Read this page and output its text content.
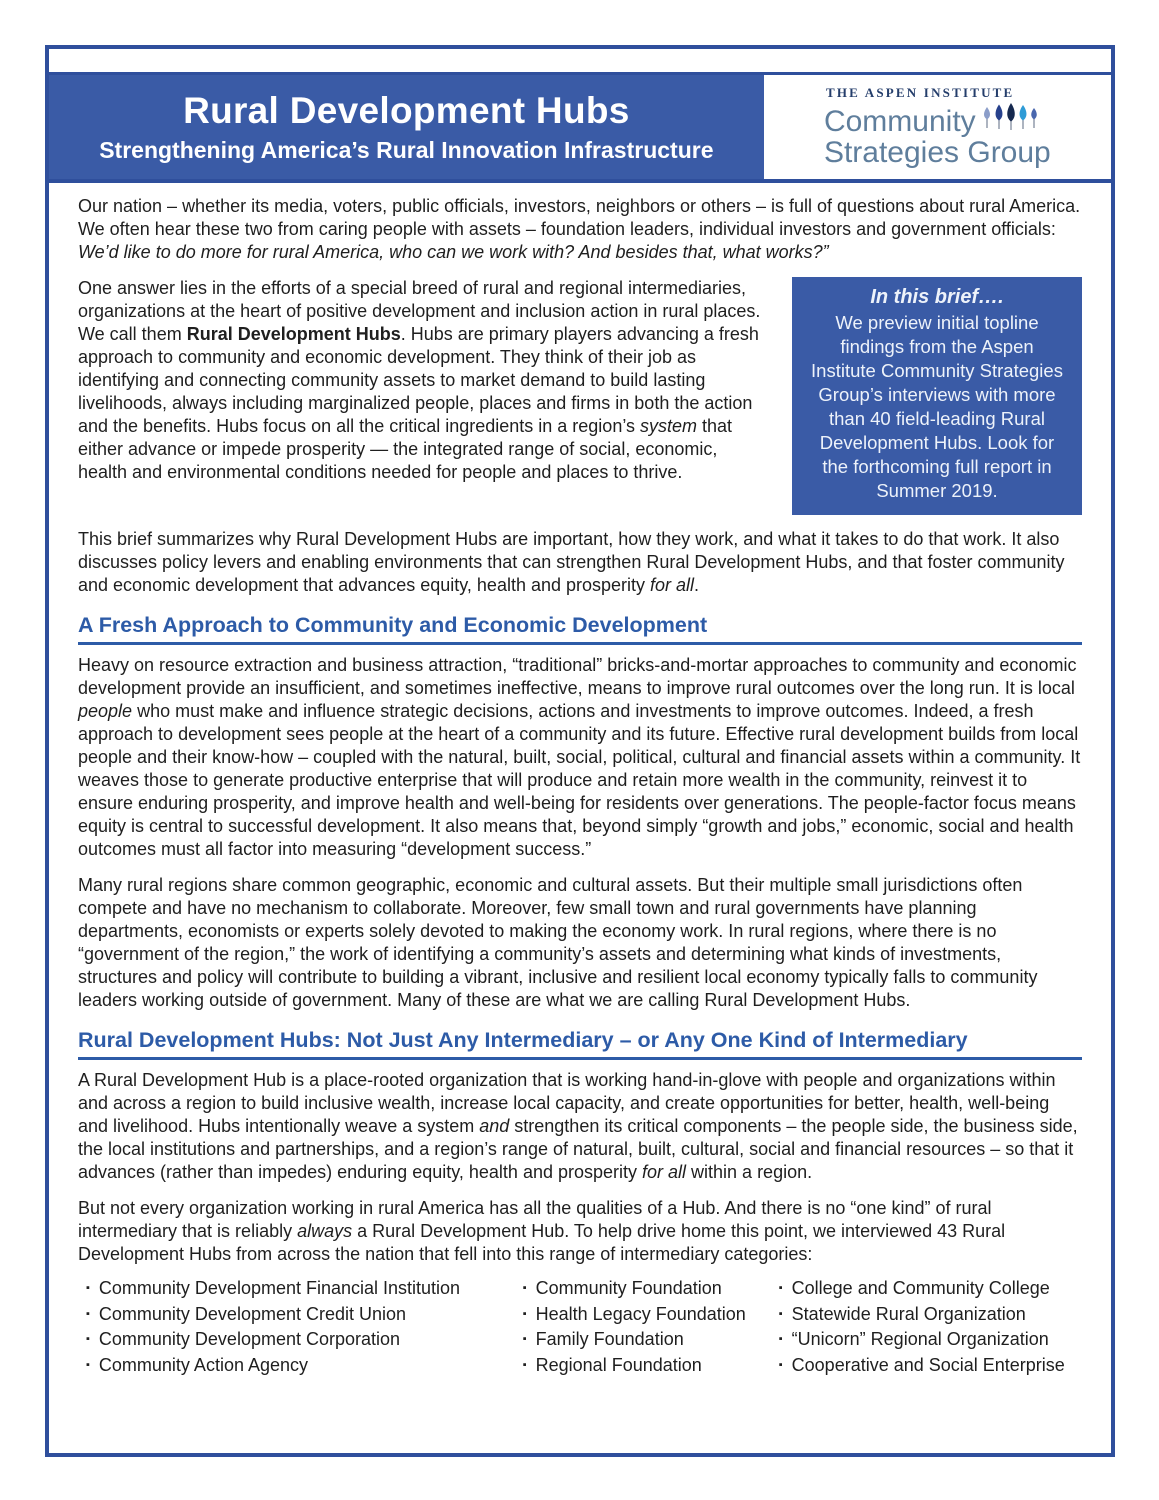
Rural Development Hubs
Strengthening America’s Rural Innovation Infrastructure
THE ASPEN INSTITUTE
Community
Strategies Group

Our nation – whether its media, voters, public officials, investors, neighbors or others – is full of questions about rural America. We often hear these two from caring people with assets – foundation leaders, individual investors and government officials: We’d like to do more for rural America, who can we work with? And besides that, what works?”

One answer lies in the efforts of a special breed of rural and regional intermediaries, organizations at the heart of positive development and inclusion action in rural places. We call them Rural Development Hubs. Hubs are primary players advancing a fresh approach to community and economic development. They think of their job as identifying and connecting community assets to market demand to build lasting livelihoods, always including marginalized people, places and firms in both the action and the benefits. Hubs focus on all the critical ingredients in a region’s system that either advance or impede prosperity — the integrated range of social, economic, health and environmental conditions needed for people and places to thrive.

In this brief….
We preview initial topline findings from the Aspen Institute Community Strategies Group’s interviews with more than 40 field-leading Rural Development Hubs. Look for the forthcoming full report in Summer 2019.

This brief summarizes why Rural Development Hubs are important, how they work, and what it takes to do that work. It also discusses policy levers and enabling environments that can strengthen Rural Development Hubs, and that foster community and economic development that advances equity, health and prosperity for all.

A Fresh Approach to Community and Economic Development

Heavy on resource extraction and business attraction, “traditional” bricks-and-mortar approaches to community and economic development provide an insufficient, and sometimes ineffective, means to improve rural outcomes over the long run. It is local people who must make and influence strategic decisions, actions and investments to improve outcomes. Indeed, a fresh approach to development sees people at the heart of a community and its future. Effective rural development builds from local people and their know-how – coupled with the natural, built, social, political, cultural and financial assets within a community. It weaves those to generate productive enterprise that will produce and retain more wealth in the community, reinvest it to ensure enduring prosperity, and improve health and well-being for residents over generations. The people-factor focus means equity is central to successful development. It also means that, beyond simply “growth and jobs,” economic, social and health outcomes must all factor into measuring “development success.”

Many rural regions share common geographic, economic and cultural assets. But their multiple small jurisdictions often compete and have no mechanism to collaborate. Moreover, few small town and rural governments have planning departments, economists or experts solely devoted to making the economy work. In rural regions, where there is no “government of the region,” the work of identifying a community’s assets and determining what kinds of investments, structures and policy will contribute to building a vibrant, inclusive and resilient local economy typically falls to community leaders working outside of government. Many of these are what we are calling Rural Development Hubs.

Rural Development Hubs: Not Just Any Intermediary – or Any One Kind of Intermediary

A Rural Development Hub is a place-rooted organization that is working hand-in-glove with people and organizations within and across a region to build inclusive wealth, increase local capacity, and create opportunities for better, health, well-being and livelihood. Hubs intentionally weave a system and strengthen its critical components – the people side, the business side, the local institutions and partnerships, and a region’s range of natural, built, cultural, social and financial resources – so that it advances (rather than impedes) enduring equity, health and prosperity for all within a region.

But not every organization working in rural America has all the qualities of a Hub. And there is no “one kind” of rural intermediary that is reliably always a Rural Development Hub. To help drive home this point, we interviewed 43 Rural Development Hubs from across the nation that fell into this range of intermediary categories:

▪ Community Development Financial Institution
▪ Community Development Credit Union
▪ Community Development Corporation
▪ Community Action Agency
▪ Community Foundation
▪ Health Legacy Foundation
▪ Family Foundation
▪ Regional Foundation
▪ College and Community College
▪ Statewide Rural Organization
▪ “Unicorn” Regional Organization
▪ Cooperative and Social Enterprise
